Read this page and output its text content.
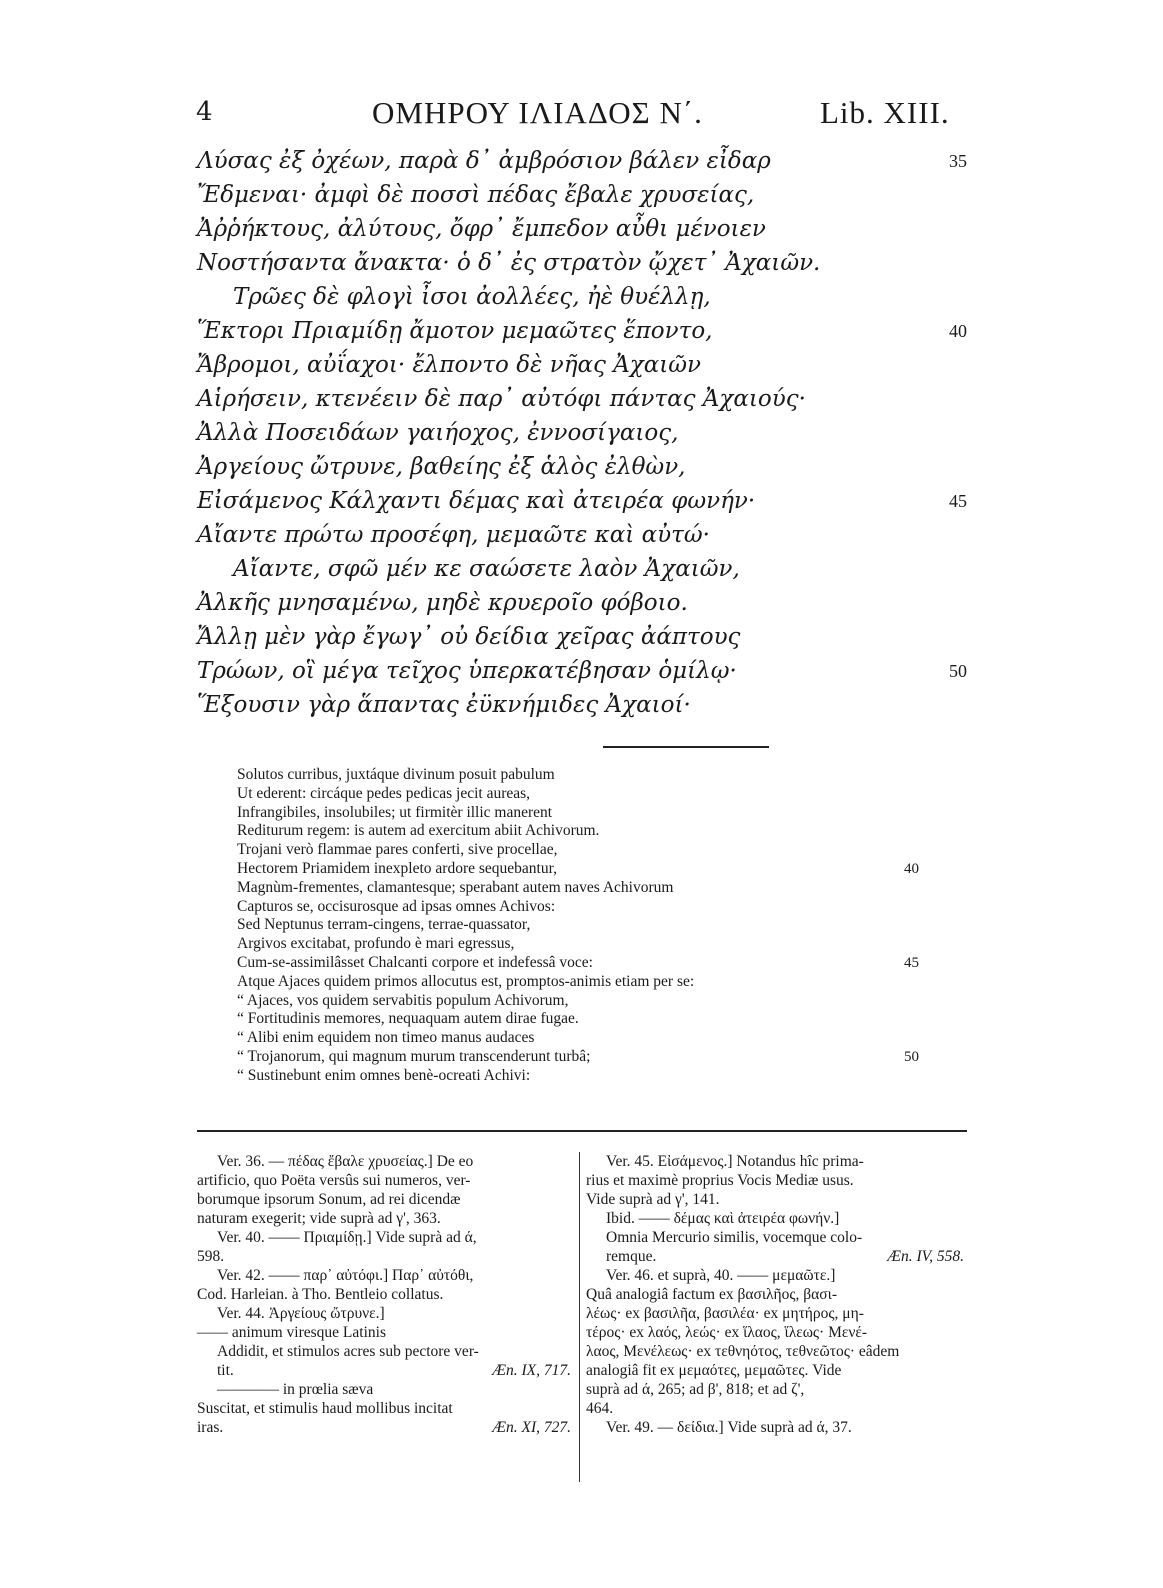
4	ΟΜΗΡΟΥ ΙΛΙΑΔΟΣ Ν΄.	Lib. XIII.
Λύσας ἐξ ὀχέων, παρὰ δ᾽ ἀμβρόσιον βάλεν εἶδαρ	35
Ἔδμεναι· ἀμφὶ δὲ ποσσὶ πέδας ἔβαλε χρυσείας,
Ἀῤῥήκτους, ἀλύτους, ὄφρ᾽ ἔμπεδον αὖθι μένοιεν
Νοστήσαντα ἄνακτα· ὁ δ᾽ ἐς στρατὸν ᾤχετ᾽ Ἀχαιῶν.
Τρῶες δὲ φλογὶ ἶσοι ἀολλέες, ἠὲ θυέλλῃ,
Ἕκτορι Πριαμίδῃ ἄμοτον μεμαῶτες ἕποντο,	40
Ἄβρομοι, αὐΐαχοι· ἔλποντο δὲ νῆας Ἀχαιῶν
Αἱρήσειν, κτενέειν δὲ παρ᾽ αὐτόφι πάντας Ἀχαιούς·
Ἀλλὰ Ποσειδάων γαιήοχος, ἐννοσίγαιος,
Ἀργείους ὤτρυνε, βαθείης ἐξ ἁλὸς ἐλθὼν,
Εἰσάμενος Κάλχαντι δέμας καὶ ἀτειρέα φωνήν·	45
Αἴαντε πρώτω προσέφη, μεμαῶτε καὶ αὐτώ·
Αἴαντε, σφῶ μέν κε σαώσετε λαὸν Ἀχαιῶν,
Ἀλκῆς μνησαμένω, μηδὲ κρυεροῖο φόβοιο.
Ἄλλῃ μὲν γὰρ ἔγωγ᾽ οὐ δείδια χεῖρας ἀάπτους
Τρώων, οἳ μέγα τεῖχος ὑπερκατέβησαν ὁμίλῳ·	50
Ἕξουσιν γὰρ ἅπαντας ἐϋκνήμιδες Ἀχαιοί·
Solutos curribus, juxtáque divinum posuit pabulum
Ut ederent: circáque pedes pedicas jecit aureas,
Infrangibiles, insolubiles; ut firmitèr illic manerent
Rediturum regem: is autem ad exercitum abiit Achivorum.
Trojani verò flammae pares conferti, sive procellae,
Hectorem Priamidem inexpleto ardore sequebantur,	40
Magnùm-frementes, clamantesque; sperabant autem naves Achivorum
Capturos se, occisurosque ad ipsas omnes Achivos:
Sed Neptunus terram-cingens, terrae-quassator,
Argivos excitabat, profundo è mari egressus,
Cum-se-assimilâsset Chalcanti corpore et indefessâ voce:	45
Atque Ajaces quidem primos allocutus est, promptos-animis etiam per se:
“ Ajaces, vos quidem servabitis populum Achivorum,
“ Fortitudinis memores, nequaquam autem dirae fugae.
“ Alibi enim equidem non timeo manus audaces
“ Trojanorum, qui magnum murum transcenderunt turbâ;	50
“ Sustinebunt enim omnes benè-ocreati Achivi:
Ver. 36. — πέδας ἔβαλε χρυσείας.] De eo
artificio, quo Poëta versûs sui numeros, ver-
borumque ipsorum Sonum, ad rei dicendæ
naturam exegerit; vide suprà ad γ', 363.
Ver. 40. —— Πριαμίδῃ.] Vide suprà ad ά,
598.
Ver. 42. —— παρ᾽ αὐτόφι.] Παρ᾽ αὐτόθι,
Cod. Harleian. à Tho. Bentleio collatus.
Ver. 44. Ἀργείους ὤτρυνε.]
—— animum viresque Latinis
Addidit, et stimulos acres sub pectore ver-
tit.	Æn. IX, 717.
———— in prœlia sæva
Suscitat, et stimulis haud mollibus incitat
iras.	Æn. XI, 727.
Ver. 45. Εἰσάμενος.] Notandus hîc prima-
rius et maximè proprius Vocis Mediæ usus.
Vide suprà ad γ', 141.
Ibid. —— δέμας καὶ ἀτειρέα φωνήν.]
Omnia Mercurio similis, vocemque colo-
remque.	Æn. IV, 558.
Ver. 46. et suprà, 40. —— μεμαῶτε.]
Quâ analogiâ factum ex βασιλῆος, βασι-
λέως· ex βασιλῆα, βασιλέα· ex μητήρος, μη-
τέρος· ex λαός, λεώς· ex ἵλαος, ἵλεως· Μενέ-
λαος, Μενέλεως· ex τεθνηότος, τεθνεῶτος· eâdem
analogiâ fit ex μεμαότες, μεμαῶτες. Vide
suprà ad ά, 265; ad β', 818; et ad ζ',
464.
Ver. 49. — δείδια.] Vide suprà ad ά, 37.
